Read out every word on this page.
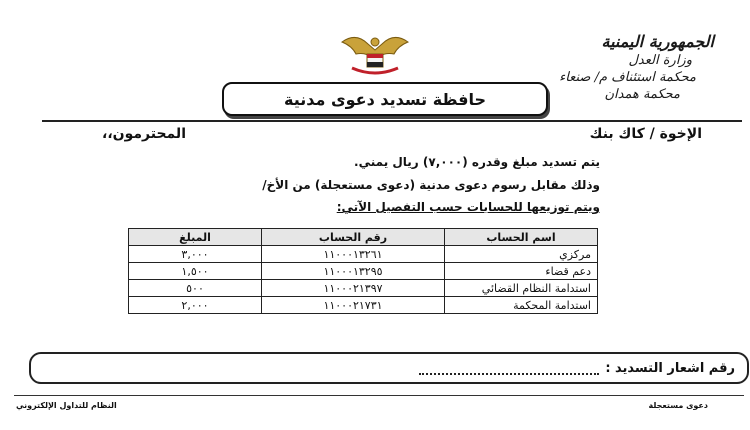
الجمهورية اليمنية
وزارة العدل
محكمة استئناف م/ صنعاء
محكمة همدان
حافظة تسديد دعوى مدنية
الإخوة / كاك بنك
المحترمون،،
يتم تسديد مبلغ وقدره (٧,٠٠٠) ريال يمني.
وذلك مقابل رسوم دعوى مدنية (دعوى مستعجلة) من الأخ/
ويتم توزيعها للحسابات حسب التفصيل الآتي:
اسم الحساب	رقم الحساب	المبلغ
مركزي	١١٠٠٠١٣٢٦١	٣,٠٠٠
دعم قضاء	١١٠٠٠١٣٢٩٥	١,٥٠٠
استدامة النظام القضائي	١١٠٠٠٢١٣٩٧	٥٠٠
استدامة المحكمة	١١٠٠٠٢١٧٣١	٢,٠٠٠
رقم اشعار التسديد :
دعوى مستعجلة
النظام للتداول الإلكتروني
